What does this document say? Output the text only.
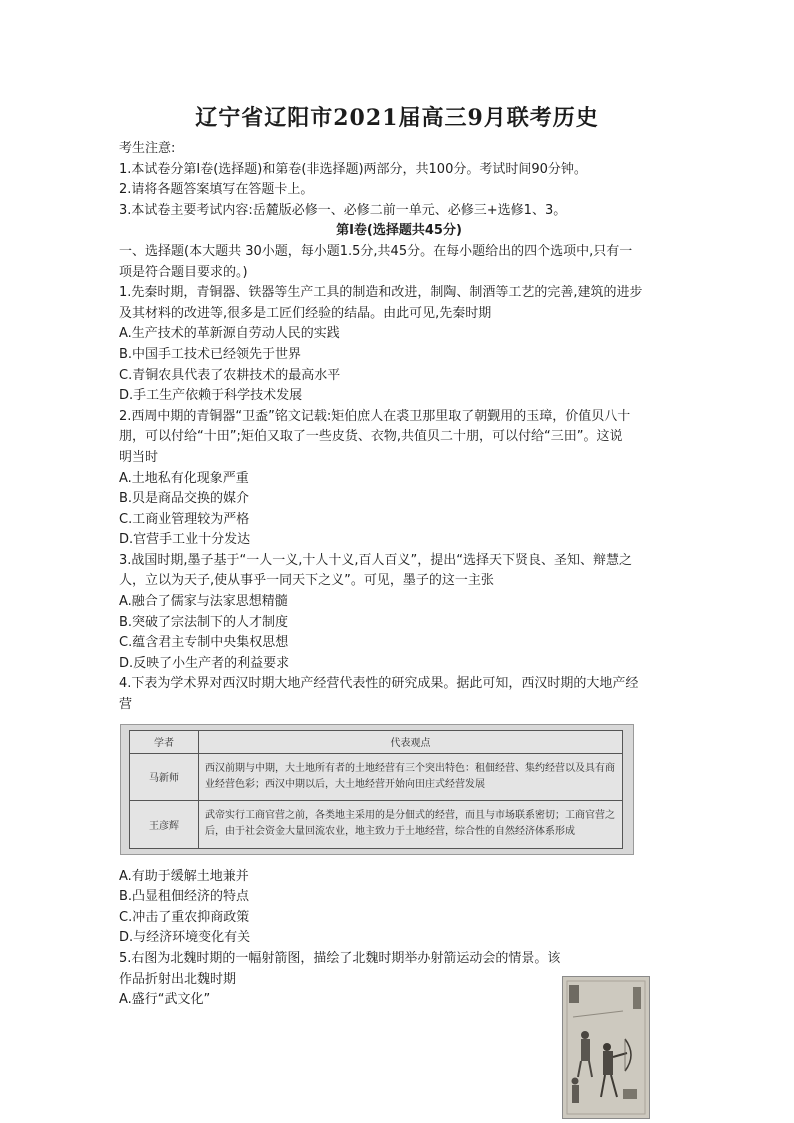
辽宁省辽阳市2021届高三9月联考历史
考生注意:
1.本试卷分第Ⅰ卷(选择题)和第卷(非选择题)两部分，共100分。考试时间90分钟。
2.请将各题答案填写在答题卡上。
3.本试卷主要考试内容:岳麓版必修一、必修二前一单元、必修三+选修1、3。
第Ⅰ卷(选择题共45分)
一、选择题(本大题共 30小题，每小题1.5分,共45分。在每小题给出的四个选项中,只有一
项是符合题目要求的。)
1.先秦时期，青铜器、铁器等生产工具的制造和改进，制陶、制酒等工艺的完善,建筑的进步
及其材料的改进等,很多是工匠们经验的结晶。由此可见,先秦时期
A.生产技术的革新源自劳动人民的实践
B.中国手工技术已经领先于世界
C.青铜农具代表了农耕技术的最高水平
D.手工生产依赖于科学技术发展
2.西周中期的青铜器“卫盉”铭文记载:矩伯庶人在裘卫那里取了朝觐用的玉璋，价值贝八十
朋，可以付给“十田”;矩伯又取了一些皮货、衣物,共值贝二十朋，可以付给“三田”。这说
明当时
A.土地私有化现象严重
B.贝是商品交换的媒介
C.工商业管理较为严格
D.官营手工业十分发达
3.战国时期,墨子基于“一人一义,十人十义,百人百义”，提出“选择天下贤良、圣知、辩慧之
人，立以为天子,使从事乎一同天下之义”。可见，墨子的这一主张
A.融合了儒家与法家思想精髓
B.突破了宗法制下的人才制度
C.蕴含君主专制中央集权思想
D.反映了小生产者的利益要求
4.下表为学术界对西汉时期大地产经营代表性的研究成果。据此可知，西汉时期的大地产经
营
学者	代表观点
马新师	西汉前期与中期，大土地所有者的土地经营有三个突出特色：租佃经营、集约经营以及具有商业经营色彩；西汉中期以后，大土地经营开始向田庄式经营发展
王彦辉	武帝实行工商官营之前，各类地主采用的是分佃式的经营，而且与市场联系密切；工商官营之后，由于社会资金大量回流农业，地主致力于土地经营，综合性的自然经济体系形成
A.有助于缓解土地兼并
B.凸显租佃经济的特点
C.冲击了重农抑商政策
D.与经济环境变化有关
5.右图为北魏时期的一幅射箭图，描绘了北魏时期举办射箭运动会的情景。该
作品折射出北魏时期
A.盛行“武文化”
